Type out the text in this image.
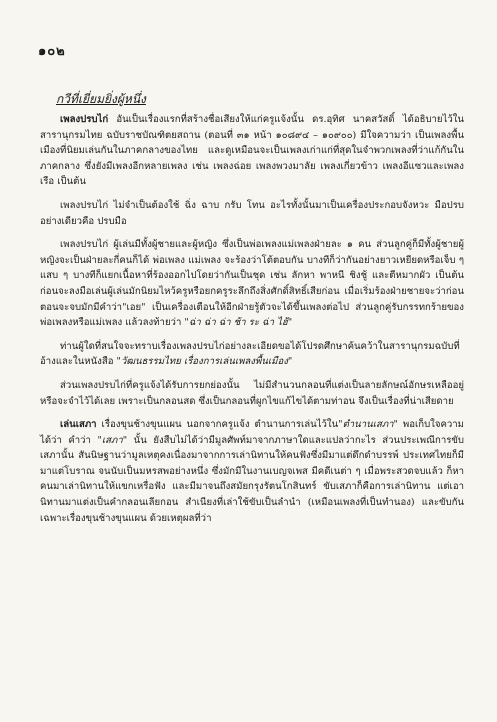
๑๐๒
กวีที่เยี่ยมยิ่งผู้หนึ่ง

เพลงปรบไก่ อันเป็นเรื่องแรกที่สร้างชื่อเสียงให้แก่ครูแจ้งนั้น ดร.อุทิศ นาคสวัสดิ์ ได้อธิบายไว้ในสารานุกรมไทย ฉบับราชบัณฑิตยสถาน (ตอนที่ ๓๑ หน้า ๑๐๘๙๔ – ๑๐๙๐๐) มีใจความว่า เป็นเพลงพื้นเมืองที่นิยมเล่นกันในภาคกลางของไทย และดูเหมือนจะเป็นเพลงเก่าแก่ที่สุดในจำพวกเพลงที่ว่าแก้กันในภาคกลาง ซึ่งยังมีเพลงอีกหลายเพลง เช่น เพลงฉ่อย เพลงพวงมาลัย เพลงเกี่ยวข้าว เพลงอีแซวและเพลงเรือ เป็นต้น

เพลงปรบไก่ ไม่จำเป็นต้องใช้ ฉิ่ง ฉาบ กรับ โทน อะไรทั้งนั้นมาเป็นเครื่องประกอบจังหวะ มือปรบอย่างเดียวคือ ปรบมือ

เพลงปรบไก่ ผู้เล่นมีทั้งผู้ชายและผู้หญิง ซึ่งเป็นพ่อเพลงแม่เพลงฝ่ายละ ๑ คน ส่วนลูกคู่ก็มีทั้งผู้ชายผู้หญิงจะเป็นฝ่ายละกี่คนก็ได้ พ่อเพลง แม่เพลง จะร้องว่าโต้ตอบกัน บางทีก็ว่ากันอย่างยาวเหยียดหรือเจ็บ ๆ แสบ ๆ บางทีก็แยกเนื้อหาที่ร้องออกไปโดยว่ากันเป็นชุด เช่น ลักหา พาหนี ชิงชู้ และตีหมากผัว เป็นต้น ก่อนจะลงมือเล่นผู้เล่นมักนิยมไหว้ครูหรือยกครูระลึกถึงสิ่งศักดิ์สิทธิ์เสียก่อน เมื่อเริ่มร้องฝ่ายชายจะว่าก่อน ตอนจะจบมักมีคำว่า"เอย" เป็นเครื่องเตือนให้อีกฝ่ายรู้ตัวจะได้ขึ้นเพลงต่อไป ส่วนลูกคู่รับกรรทกร้ายของพ่อเพลงหรือแม่เพลง แล้วลงท้ายว่า "ฉ่า ฉ่า ฉ่า ช้า ระ ฉ่า ไฮ้"

ท่านผู้ใดที่สนใจจะทราบเรื่องเพลงปรบไก่อย่างละเอียดขอได้โปรดศึกษาค้นคว้าในสารานุกรมฉบับที่อ้างและในหนังสือ "วัฒนธรรมไทย เรื่องการเล่นเพลงพื้นเมือง"

ส่วนเพลงปรบไก่ที่ครูแจ้งได้รับการยกย่องนั้น ไม่มีสำนวนกลอนที่แต่งเป็นลายลักษณ์อักษรเหลืออยู่หรือจะจำไว้ได้เลย เพราะเป็นกลอนสด ซึ่งเป็นกลอนที่ผูกไขแก้ไขได้ตามท่าอน จึงเป็นเรื่องที่น่าเสียดาย

เล่นเสภา เรื่องขุนช้างขุนแผน นอกจากครูแจ้ง ตำนานการเล่นไว้ใน"ตำนานเสภา" พอเก็บใจความได้ว่า คำว่า "เสภา" นั้น ยังสืบไม่ได้ว่ามีมูลศัพท์มาจากภาษาใดและแปลว่ากะไร ส่วนประเพณีการขับเสภานั้น สันนิษฐานว่ามูลเหตุคงเนื่องมาจากการเล่านิทานให้คนฟังซึ่งมีมาแต่ดึกดำบรรพ์ ประเทศไทยก็มีมาแต่โบราณ จนนับเป็นมหรสพอย่างหนึ่ง ซึ่งมักมีในงานเบญจเพส มีคดีเนต่า ๆ เมื่อพระสวดจบแล้ว ก็หาคนมาเล่านิทานให้แขกเหรื่อฟัง และมีมาจนถึงสมัยกรุงรัตนโกสินทร์ ขับเสภาก็คือการเล่านิทาน แต่เอานิทานมาแต่งเป็นคำกลอนเลียกอน สำเนียงที่เล่าใช้ขับเป็นลำนำ (เหมือนเพลงที่เป็นทำนอง) และขับกันเฉพาะเรื่องขุนช้างขุนแผน ด้วยเหตุผลที่ว่า
